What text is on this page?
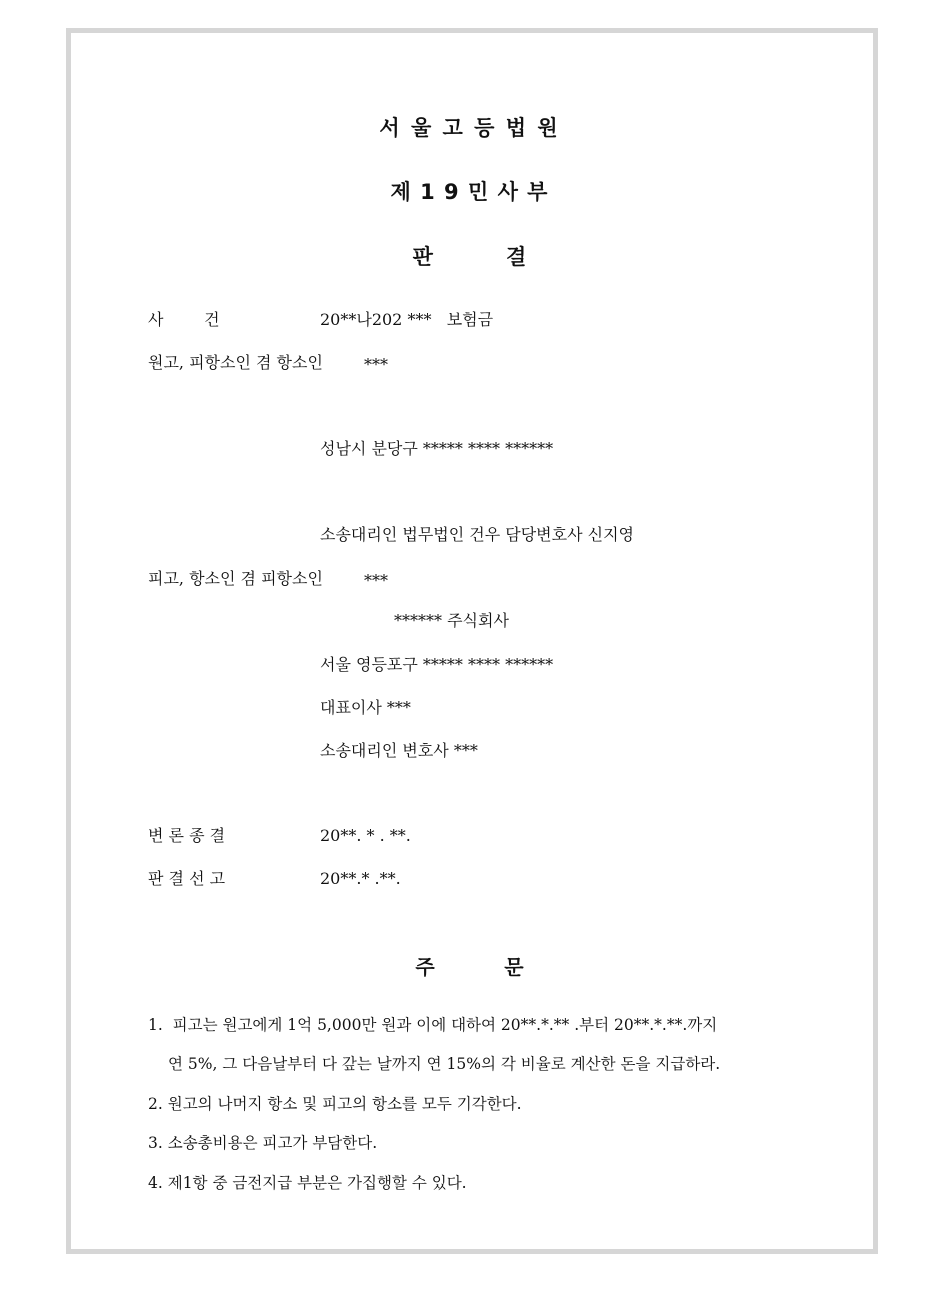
서 울 고 등 법 원
제 1 9 민 사 부
판          결
사        건	20**나202 ***   보험금
원고, 피항소인 겸 항소인	***
성남시 분당구 ***** **** ******
소송대리인 법무법인 건우 담당변호사 신지영
피고, 항소인 겸 피항소인	***
****** 주식회사
서울 영등포구 ***** **** ******
대표이사 ***
소송대리인 변호사 ***
변 론 종 결	20**. * . **.
판 결 선 고	20**.* .**.
주          문
1.  피고는 원고에게 1억 5,000만 원과 이에 대하여 20**.*.** .부터 20**.*.**.까지
연 5%, 그 다음날부터 다 갚는 날까지 연 15%의 각 비율로 계산한 돈을 지급하라.
2. 원고의 나머지 항소 및 피고의 항소를 모두 기각한다.
3. 소송총비용은 피고가 부담한다.
4. 제1항 중 금전지급 부분은 가집행할 수 있다.
